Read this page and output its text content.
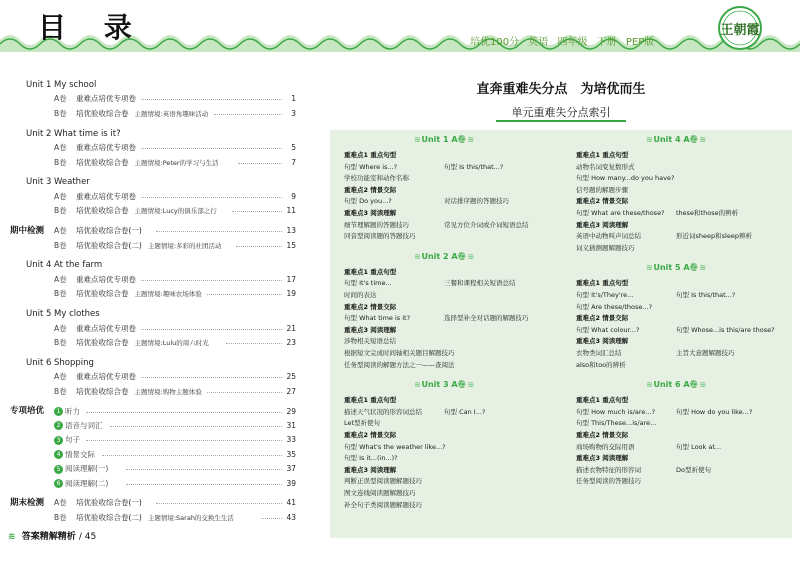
目 录	培优100分 英语 四年级 下册 PEP版
王朝霞
Unit 1 My school
A卷 重难点培优专项卷	1
B卷 培优验收综合卷 主题情境:英语角趣味活动	3
Unit 2 What time is it?
A卷 重难点培优专项卷	5
B卷 培优验收综合卷 主题情境:Peter的学习与生活	7
Unit 3 Weather
A卷 重难点培优专项卷	9
B卷 培优验收综合卷 主题情境:Lucy的俱乐部之行	11
期中检测 A卷 培优验收综合卷(一)	13
B卷 培优验收综合卷(二) 主题情境:多彩的社团活动	15
Unit 4 At the farm
A卷 重难点培优专项卷	17
B卷 培优验收综合卷 主题情境:趣味农场体验	19
Unit 5 My clothes
A卷 重难点培优专项卷	21
B卷 培优验收综合卷 主题情境:Lulu的周六时光	23
Unit 6 Shopping
A卷 重难点培优专项卷	25
B卷 培优验收综合卷 主题情境:购物主题体验	27
专项培优	1 听力	29
2 语音与词汇	31
3 句子	33
4 情景交际	35
5 阅读理解(一)	37
6 阅读理解(二)	39
期末检测 A卷 培优验收综合卷(一)	41
B卷 培优验收综合卷(二) 主题情境:Sarah的交换生生活	43
≋ 答案精解精析 / 45
直奔重难失分点　为培优而生
单元重难失分点索引
≋ Unit 1 A卷 ≋
重难点1 重点句型
句型 Where is...?	句型 Is this/that...?
学校功能室和动作名称
重难点2 情景交际
句型 Do you...?	对话排序题的答题技巧
重难点3 阅读理解
细节理解题的答题技巧	常见方位介词或介词短语总结
同音型阅读题的答题技巧
≋ Unit 2 A卷 ≋
重难点1 重点句型
句型 It's time...	三餐和课程相关短语总结
时间的表达
重难点2 情景交际
句型 What time is it?	选择型补全对话题的解题技巧
重难点3 阅读理解
涉物相关短语总结
根据短文完成时间轴相关题目解题技巧
任务型阅读的解题方法之一——查阅法
≋ Unit 3 A卷 ≋
重难点1 重点句型
描述天气状况的形容词总结	句型 Can I...?
Let型祈使句
重难点2 情景交际
句型 What's the weather like...?
句型 Is it...(in...)?
重难点3 阅读理解
判断正误型阅读题解题技巧
图文连线阅读题解题技巧
补全句子类阅读题解题技巧
≋ Unit 4 A卷 ≋
重难点1 重点句型
动物名词变复数形式
句型 How many...do you have?
信号题的解题步骤
重难点2 情景交际
句型 What are these/those? these和those的辨析
重难点3 阅读理解
英语中动物叫声词总结	形近词sheep和sleep辨析
词义猜测题解题技巧
≋ Unit 5 A卷 ≋
重难点1 重点句型
句型 It's/They're...	句型 Is this/that...?
句型 Are these/those...?
重难点2 情景交际
句型 What colour...?	句型 Whose...is this/are those?
重难点3 阅读理解
衣物类词汇总结	主旨大意题解题技巧
also和too的辨析
≋ Unit 6 A卷 ≋
重难点1 重点句型
句型 How much is/are...?	句型 How do you like...?
句型 This/These...is/are...
重难点2 情景交际
商场购物的交际用语	句型 Look at...
重难点3 阅读理解
描述衣物特征的形容词	Do型祈使句
任务型阅读的答题技巧
